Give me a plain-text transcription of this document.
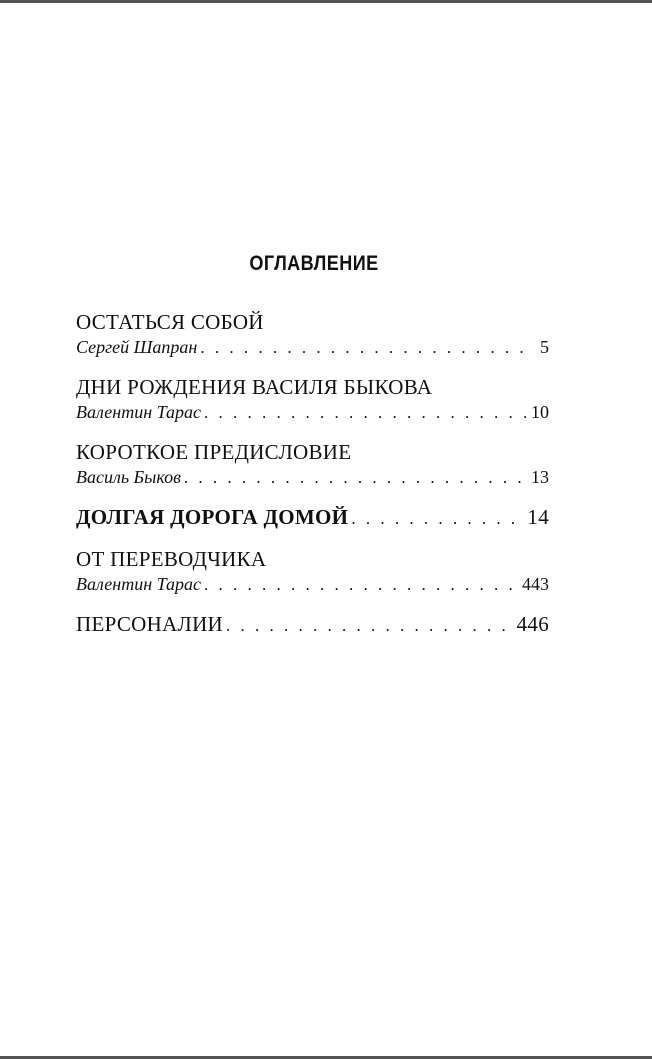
ОГЛАВЛЕНИЕ
ОСТАТЬСЯ СОБОЙ
Сергей Шапран . . .	5
ДНИ РОЖДЕНИЯ ВАСИЛЯ БЫКОВА
Валентин Тарас . . .	10
КОРОТКОЕ ПРЕДИСЛОВИЕ
Василь Быков . . .	13
ДОЛГАЯ ДОРОГА ДОМОЙ . . .	14
ОТ ПЕРЕВОДЧИКА
Валентин Тарас . . .	443
ПЕРСОНАЛИИ . . .	446
